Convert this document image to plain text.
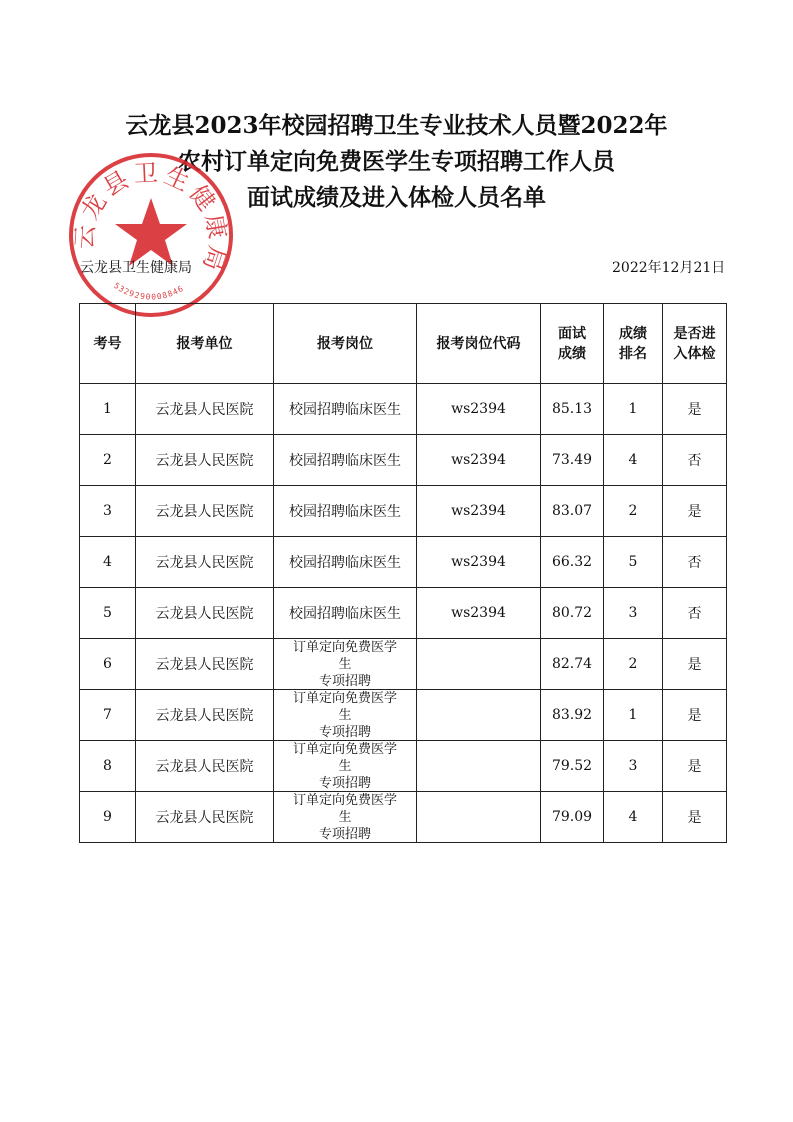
云龙县2023年校园招聘卫生专业技术人员暨2022年
农村订单定向免费医学生专项招聘工作人员
面试成绩及进入体检人员名单
云龙县卫生健康局
5329290008846
云龙县卫生健康局	2022年12月21日
考号	报考单位	报考岗位	报考岗位代码	面试成绩	成绩排名	是否进入体检
1	云龙县人民医院	校园招聘临床医生	ws2394	85.13	1	是
2	云龙县人民医院	校园招聘临床医生	ws2394	73.49	4	否
3	云龙县人民医院	校园招聘临床医生	ws2394	83.07	2	是
4	云龙县人民医院	校园招聘临床医生	ws2394	66.32	5	否
5	云龙县人民医院	校园招聘临床医生	ws2394	80.72	3	否
6	云龙县人民医院	订单定向免费医学
生
专项招聘		82.74	2	是
7	云龙县人民医院	订单定向免费医学
生
专项招聘		83.92	1	是
8	云龙县人民医院	订单定向免费医学
生
专项招聘		79.52	3	是
9	云龙县人民医院	订单定向免费医学
生
专项招聘		79.09	4	是
